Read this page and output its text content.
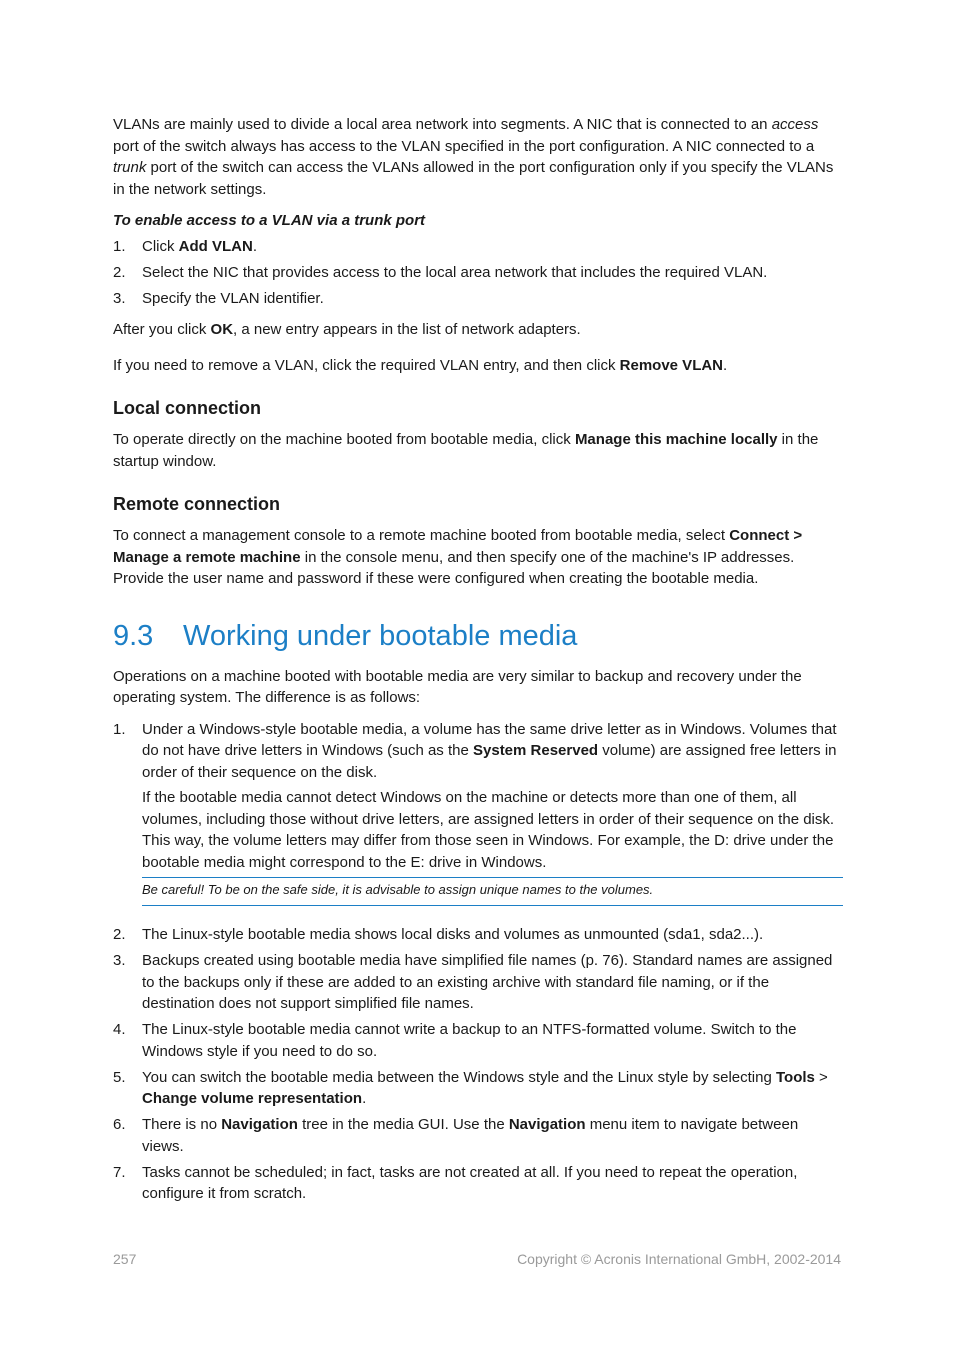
VLANs are mainly used to divide a local area network into segments. A NIC that is connected to an access port of the switch always has access to the VLAN specified in the port configuration. A NIC connected to a trunk port of the switch can access the VLANs allowed in the port configuration only if you specify the VLANs in the network settings.

To enable access to a VLAN via a trunk port

1. Click Add VLAN.
2. Select the NIC that provides access to the local area network that includes the required VLAN.
3. Specify the VLAN identifier.

After you click OK, a new entry appears in the list of network adapters.

If you need to remove a VLAN, click the required VLAN entry, and then click Remove VLAN.

Local connection

To operate directly on the machine booted from bootable media, click Manage this machine locally in the startup window.

Remote connection

To connect a management console to a remote machine booted from bootable media, select Connect > Manage a remote machine in the console menu, and then specify one of the machine's IP addresses. Provide the user name and password if these were configured when creating the bootable media.

9.3 Working under bootable media

Operations on a machine booted with bootable media are very similar to backup and recovery under the operating system. The difference is as follows:

1. Under a Windows-style bootable media, a volume has the same drive letter as in Windows. Volumes that do not have drive letters in Windows (such as the System Reserved volume) are assigned free letters in order of their sequence on the disk.

If the bootable media cannot detect Windows on the machine or detects more than one of them, all volumes, including those without drive letters, are assigned letters in order of their sequence on the disk. This way, the volume letters may differ from those seen in Windows. For example, the D: drive under the bootable media might correspond to the E: drive in Windows.

Be careful! To be on the safe side, it is advisable to assign unique names to the volumes.
2. The Linux-style bootable media shows local disks and volumes as unmounted (sda1, sda2...).
3. Backups created using bootable media have simplified file names (p. 76). Standard names are assigned to the backups only if these are added to an existing archive with standard file naming, or if the destination does not support simplified file names.
4. The Linux-style bootable media cannot write a backup to an NTFS-formatted volume. Switch to the Windows style if you need to do so.
5. You can switch the bootable media between the Windows style and the Linux style by selecting Tools > Change volume representation.
6. There is no Navigation tree in the media GUI. Use the Navigation menu item to navigate between views.
7. Tasks cannot be scheduled; in fact, tasks are not created at all. If you need to repeat the operation, configure it from scratch.
257	Copyright © Acronis International GmbH, 2002-2014
